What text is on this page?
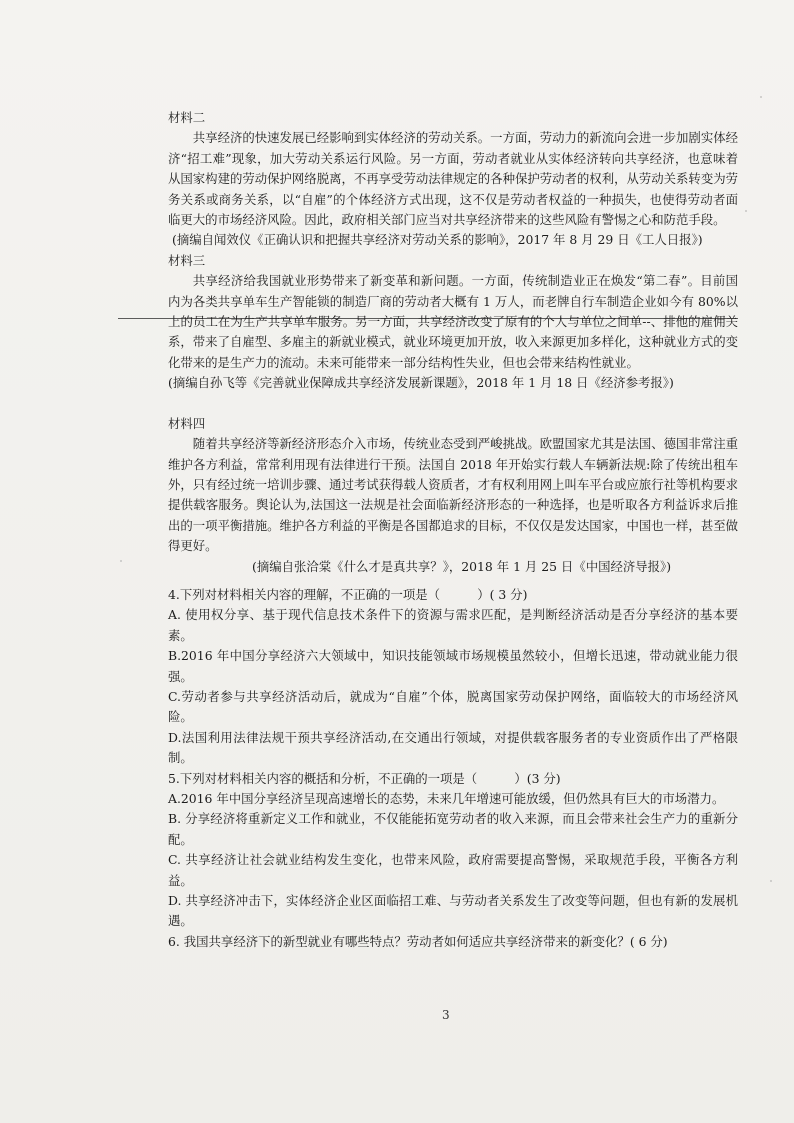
材料二

共享经济的快速发展已经影响到实体经济的劳动关系。一方面，劳动力的新流向会进一步加剧实体经济“招工难”现象，加大劳动关系运行风险。另一方面，劳动者就业从实体经济转向共享经济，也意味着从国家构建的劳动保护网络脱离，不再享受劳动法律规定的各种保护劳动者的权利，从劳动关系转变为劳务关系或商务关系，以“自雇”的个体经济方式出现，这不仅是劳动者权益的一种损失，也使得劳动者面临更大的市场经济风险。因此，政府相关部门应当对共享经济带来的这些风险有警惕之心和防范手段。

(摘编自闻效仪《正确认识和把握共享经济对劳动关系的影响》，2017 年 8 月 29 日《工人日报》)

材料三

共享经济给我国就业形势带来了新变革和新问题。一方面，传统制造业正在焕发“第二春”。目前国内为各类共享单车生产智能锁的制造厂商的劳动者大概有 1 万人，而老牌自行车制造企业如今有 80%以上的员工在为生产共享单车服务。另一方面，共享经济改变了原有的个人与单位之间单--、排他的雇佣关系，带来了自雇型、多雇主的新就业模式，就业环境更加开放，收入来源更加多样化，这种就业方式的变化带来的是生产力的流动。未来可能带来一部分结构性失业，但也会带来结构性就业。

(摘编自孙飞等《完善就业保障成共享经济发展新课题》，2018 年 1 月 18 日《经济参考报》)

材料四

随着共享经济等新经济形态介入市场，传统业态受到严峻挑战。欧盟国家尤其是法国、德国非常注重维护各方利益，常常利用现有法律进行干预。法国自 2018 年开始实行载人车辆新法规:除了传统出租车外，只有经过统一培训步骤、通过考试获得载人资质者，才有权利用网上叫车平台或应旅行社等机构要求提供载客服务。舆论认为,法国这一法规是社会面临新经济形态的一种选择，也是听取各方利益诉求后推出的一项平衡措施。维护各方利益的平衡是各国都追求的目标，不仅仅是发达国家，中国也一样，甚至做得更好。

(摘编自张洽棠《什么才是真共享？》，2018 年 1 月 25 日《中国经济导报》)

4.下列对材料相关内容的理解，不正确的一项是（　　　）( 3 分)

A. 使用权分享、基于现代信息技术条件下的资源与需求匹配，是判断经济活动是否分享经济的基本要素。

B.2016 年中国分享经济六大领域中，知识技能领域市场规模虽然较小，但增长迅速，带动就业能力很强。

C.劳动者参与共享经济活动后，就成为“自雇”个体，脱离国家劳动保护网络，面临较大的市场经济风险。

D.法国利用法律法规干预共享经济活动,在交通出行领域，对提供载客服务者的专业资质作出了严格限制。

5.下列对材料相关内容的概括和分析，不正确的一项是（　　　）(3 分)

A.2016 年中国分享经济呈现高速增长的态势，未来几年增速可能放缓，但仍然具有巨大的市场潜力。

B. 分享经济将重新定义工作和就业，不仅能能拓宽劳动者的收入来源，而且会带来社会生产力的重新分配。

C. 共享经济让社会就业结构发生变化，也带来风险，政府需要提高警惕，采取规范手段，平衡各方利益。

D. 共享经济冲击下，实体经济企业区面临招工难、与劳动者关系发生了改变等问题，但也有新的发展机遇。

6. 我国共享经济下的新型就业有哪些特点？劳动者如何适应共享经济带来的新变化？( 6 分)

3
